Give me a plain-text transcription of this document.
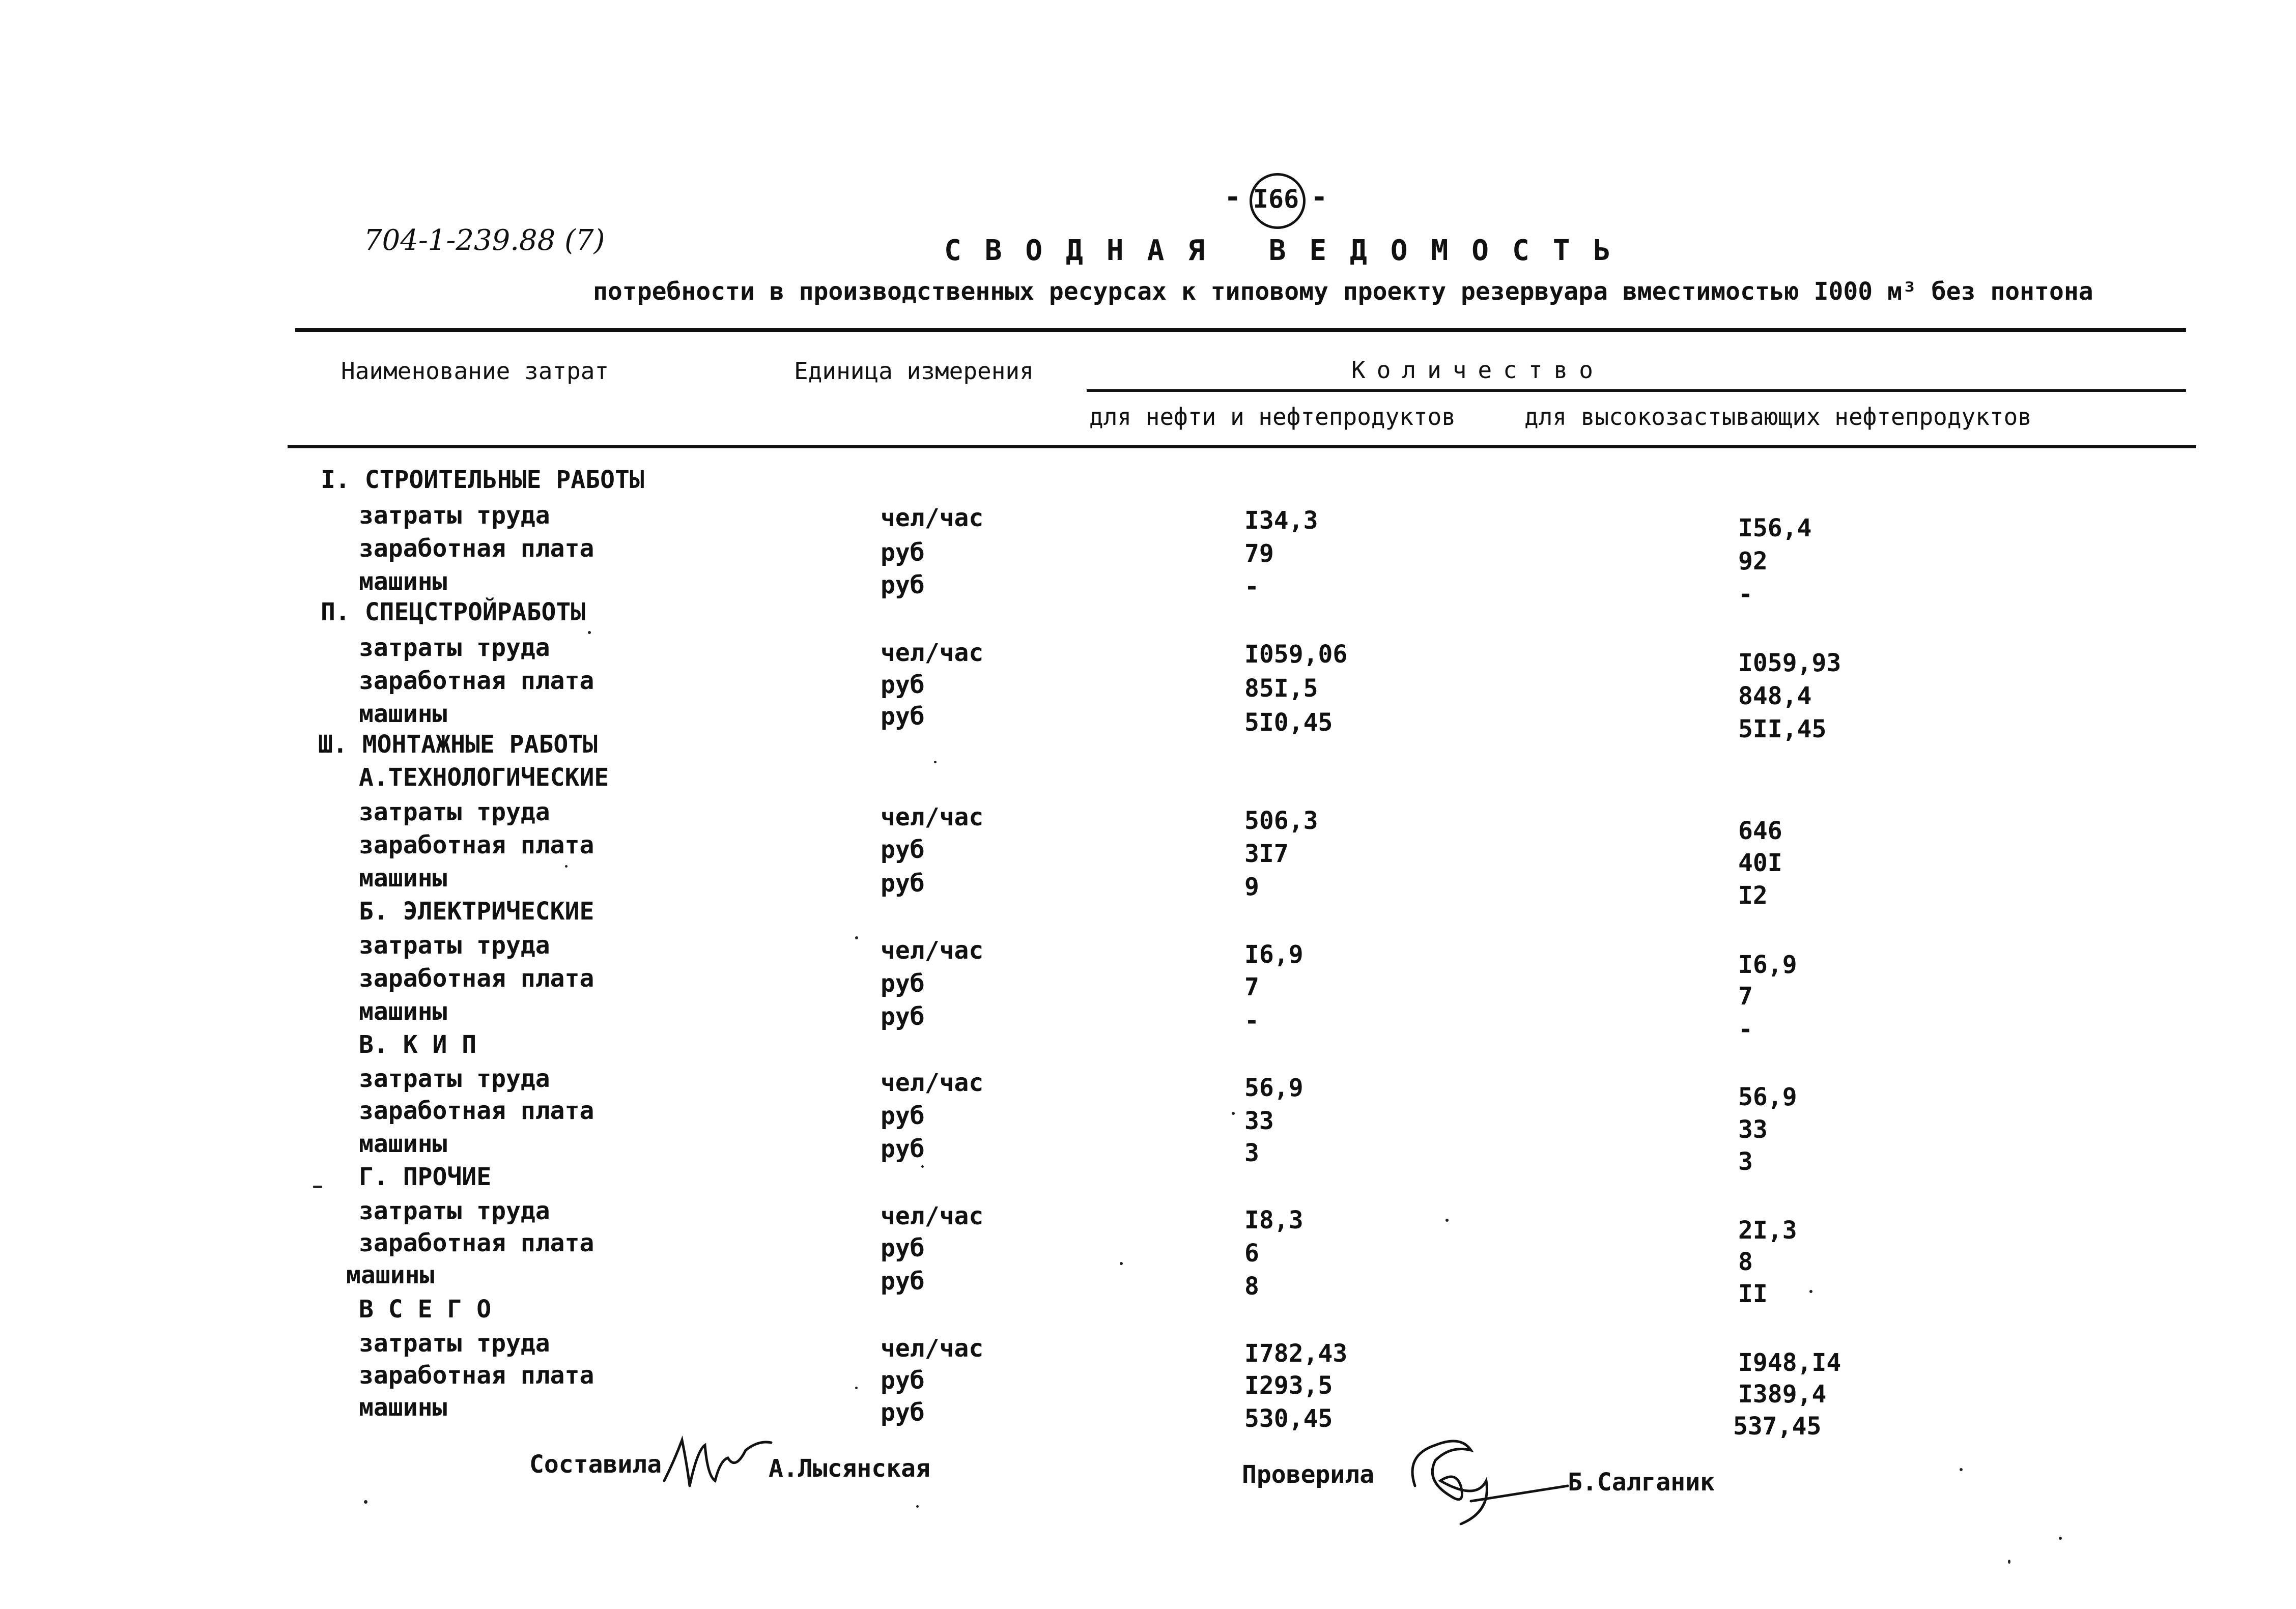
704-1-239.88 (7)
- I66 -
СВОДНАЯ ВЕДОМОСТЬ
потребности в производственных ресурсах к типовому проекту резервуара вместимостью I000 м³ без понтона
Наименование затрат	Единица измерения	Количество
для нефти и нефтепродуктов	для высокозастывающих нефтепродуктов
I. СТРОИТЕЛЬНЫЕ РАБОТЫ
затраты труда	чел/час	I34,3	I56,4
заработная плата	руб	79	92
машины	руб	-	-
П. СПЕЦСТРОЙРАБОТЫ
затраты труда	чел/час	I059,06	I059,93
заработная плата	руб	85I,5	848,4
машины	руб	5I0,45	5II,45
Ш. МОНТАЖНЫЕ РАБОТЫ
А.ТЕХНОЛОГИЧЕСКИЕ
затраты труда	чел/час	506,3	646
заработная плата	руб	3I7	40I
машины	руб	9	I2
Б. ЭЛЕКТРИЧЕСКИЕ
затраты труда	чел/час	I6,9	I6,9
заработная плата	руб	7	7
машины	руб	-	-
В. К И П
затраты труда	чел/час	56,9	56,9
заработная плата	руб	33	33
машины	руб	3	3
Г. ПРОЧИЕ
затраты труда	чел/час	I8,3	2I,3
заработная плата	руб	6	8
машины	руб	8	II
В С Е Г О
затраты труда	чел/час	I782,43	I948,I4
заработная плата	руб	I293,5	I389,4
машины	руб	530,45	537,45
Составила	А.Лысянская	Проверила	Б.Салганик
